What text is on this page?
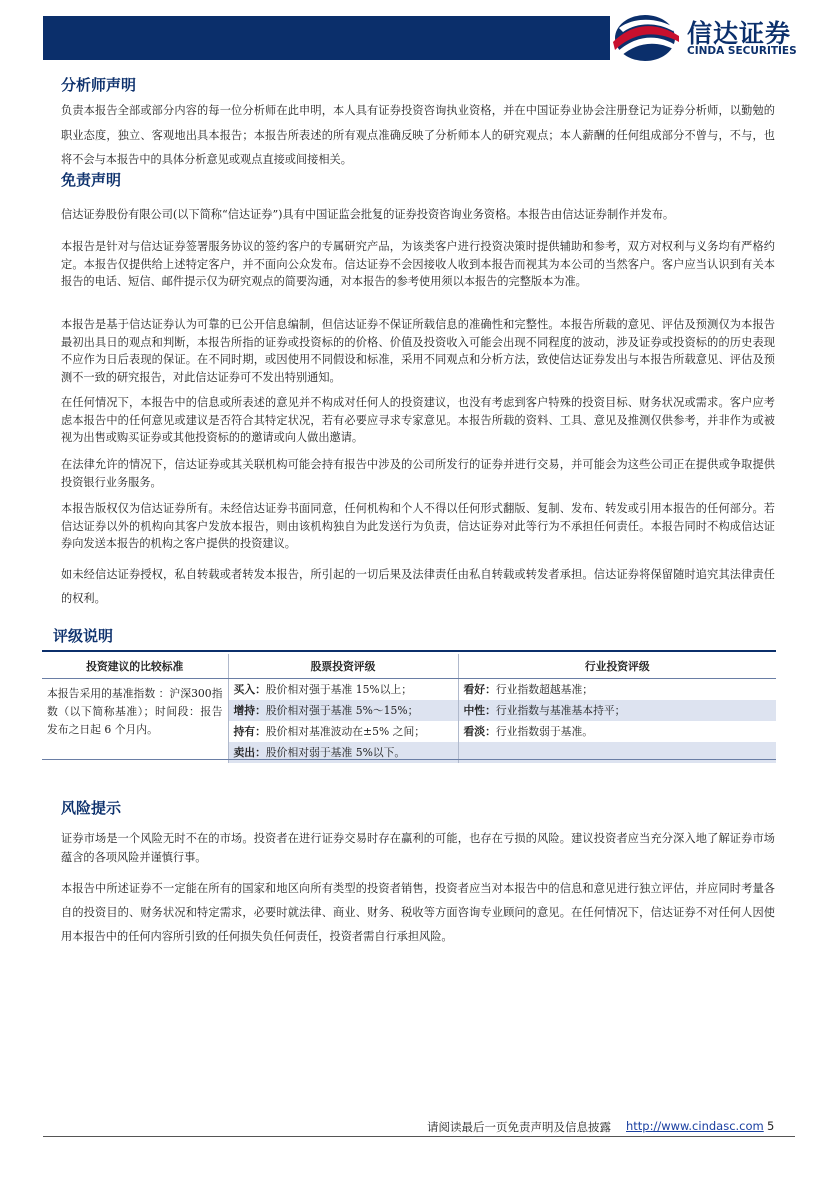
信达证券
CINDA SECURITIES
分析师声明

负责本报告全部或部分内容的每一位分析师在此申明，本人具有证券投资咨询执业资格，并在中国证券业协会注册登记为证券分析师，以勤勉的职业态度，独立、客观地出具本报告；本报告所表述的所有观点准确反映了分析师本人的研究观点；本人薪酬的任何组成部分不曾与，不与，也将不会与本报告中的具体分析意见或观点直接或间接相关。

免责声明

信达证券股份有限公司(以下简称“信达证券”)具有中国证监会批复的证券投资咨询业务资格。本报告由信达证券制作并发布。

本报告是针对与信达证券签署服务协议的签约客户的专属研究产品，为该类客户进行投资决策时提供辅助和参考，双方对权利与义务均有严格约定。本报告仅提供给上述特定客户，并不面向公众发布。信达证券不会因接收人收到本报告而视其为本公司的当然客户。客户应当认识到有关本报告的电话、短信、邮件提示仅为研究观点的简要沟通，对本报告的参考使用须以本报告的完整版本为准。

本报告是基于信达证券认为可靠的已公开信息编制，但信达证券不保证所载信息的准确性和完整性。本报告所载的意见、评估及预测仅为本报告最初出具日的观点和判断，本报告所指的证券或投资标的的价格、价值及投资收入可能会出现不同程度的波动，涉及证券或投资标的的历史表现不应作为日后表现的保证。在不同时期，或因使用不同假设和标准，采用不同观点和分析方法，致使信达证券发出与本报告所载意见、评估及预测不一致的研究报告，对此信达证券可不发出特别通知。

在任何情况下，本报告中的信息或所表述的意见并不构成对任何人的投资建议，也没有考虑到客户特殊的投资目标、财务状况或需求。客户应考虑本报告中的任何意见或建议是否符合其特定状况，若有必要应寻求专家意见。本报告所载的资料、工具、意见及推测仅供参考，并非作为或被视为出售或购买证券或其他投资标的的邀请或向人做出邀请。

在法律允许的情况下，信达证券或其关联机构可能会持有报告中涉及的公司所发行的证券并进行交易，并可能会为这些公司正在提供或争取提供投资银行业务服务。

本报告版权仅为信达证券所有。未经信达证券书面同意，任何机构和个人不得以任何形式翻版、复制、发布、转发或引用本报告的任何部分。若信达证券以外的机构向其客户发放本报告，则由该机构独自为此发送行为负责，信达证券对此等行为不承担任何责任。本报告同时不构成信达证券向发送本报告的机构之客户提供的投资建议。

如未经信达证券授权，私自转载或者转发本报告，所引起的一切后果及法律责任由私自转载或转发者承担。信达证券将保留随时追究其法律责任的权利。

评级说明
投资建议的比较标准	股票投资评级	行业投资评级
本报告采用的基准指数 ：沪深300指数（以下简称基准）；时间段：报告发布之日起 6 个月内。	买入：股价相对强于基准 15%以上；	看好：行业指数超越基准；
	增持：股价相对强于基准 5%～15%；	中性：行业指数与基准基本持平；
	持有：股价相对基准波动在±5% 之间；	看淡：行业指数弱于基准。
	卖出：股价相对弱于基准 5%以下。	
风险提示

证券市场是一个风险无时不在的市场。投资者在进行证券交易时存在赢利的可能，也存在亏损的风险。建议投资者应当充分深入地了解证券市场蕴含的各项风险并谨慎行事。

本报告中所述证券不一定能在所有的国家和地区向所有类型的投资者销售，投资者应当对本报告中的信息和意见进行独立评估，并应同时考量各自的投资目的、财务状况和特定需求，必要时就法律、商业、财务、税收等方面咨询专业顾问的意见。在任何情况下，信达证券不对任何人因使用本报告中的任何内容所引致的任何损失负任何责任，投资者需自行承担风险。

请阅读最后一页免责声明及信息披露 http://www.cindasc.com 5
